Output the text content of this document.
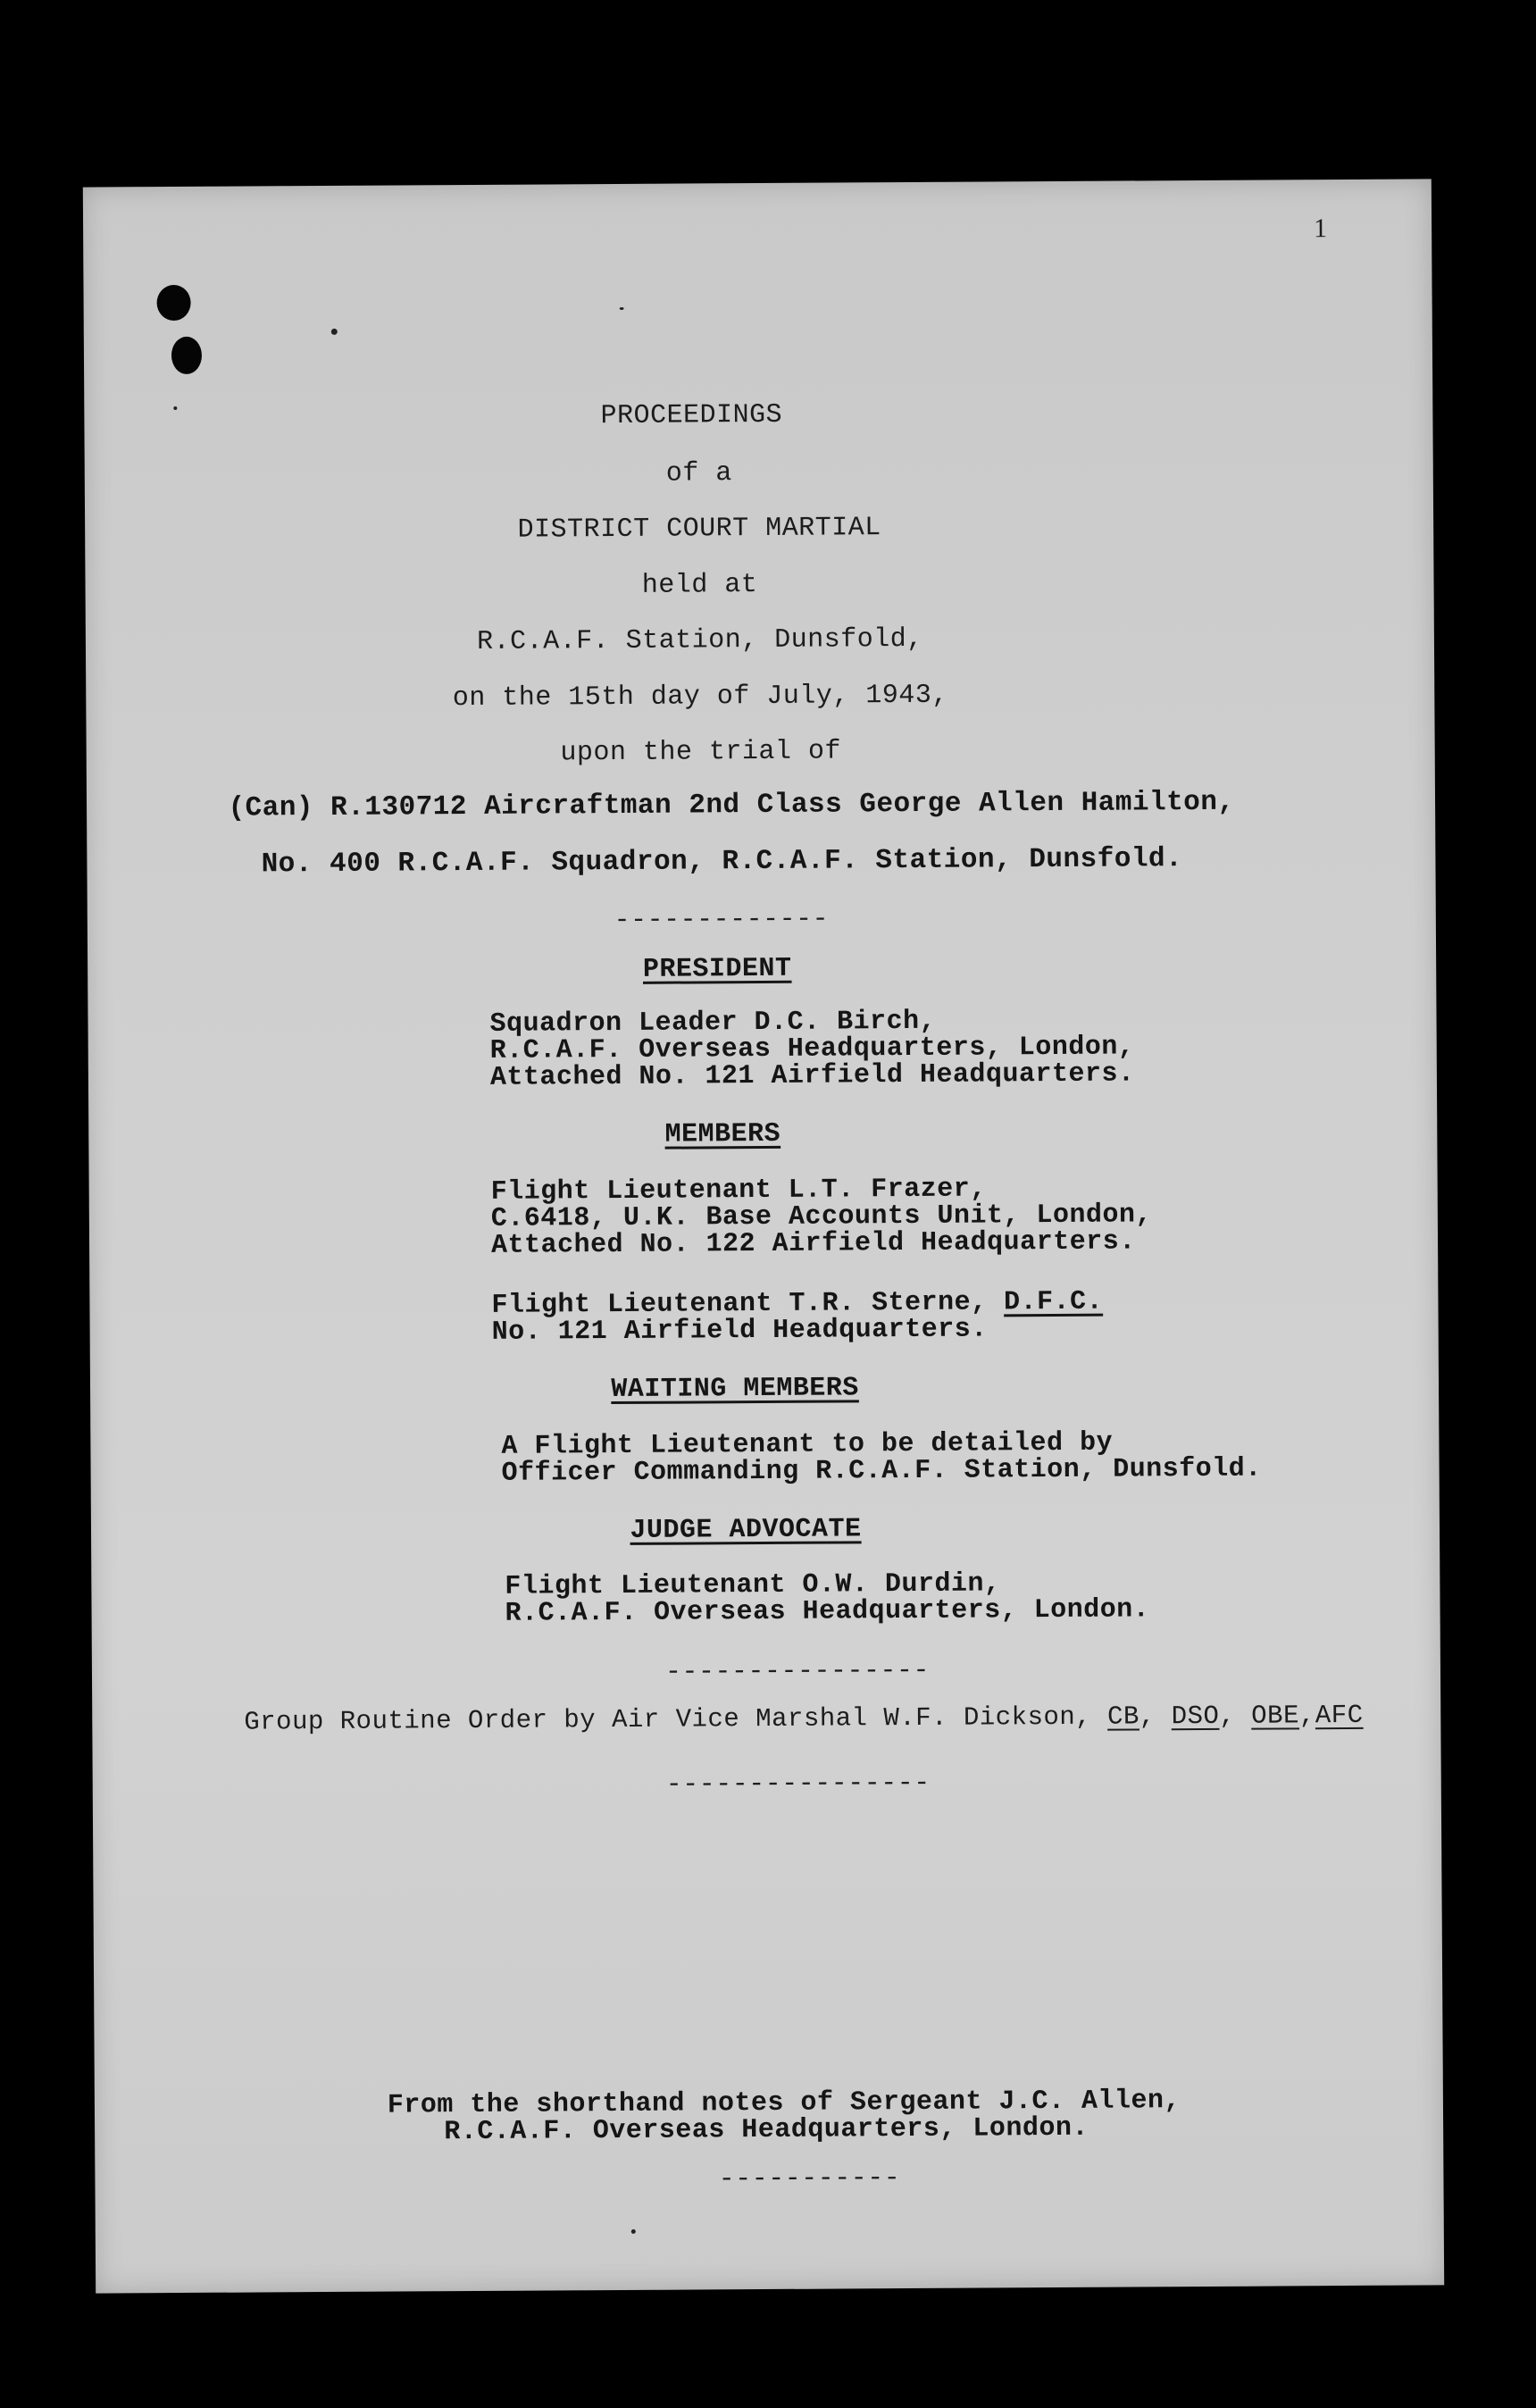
1
PROCEEDINGS
of a
DISTRICT COURT MARTIAL
held at
R.C.A.F. Station, Dunsfold,
on the 15th day of July, 1943,
upon the trial of
(Can) R.130712 Aircraftman 2nd Class George Allen Hamilton,
No. 400 R.C.A.F. Squadron, R.C.A.F. Station, Dunsfold.
-------------
PRESIDENT
Squadron Leader D.C. Birch,
R.C.A.F. Overseas Headquarters, London,
Attached No. 121 Airfield Headquarters.
MEMBERS
Flight Lieutenant L.T. Frazer,
C.6418, U.K. Base Accounts Unit, London,
Attached No. 122 Airfield Headquarters.
Flight Lieutenant T.R. Sterne, D.F.C.
No. 121 Airfield Headquarters.
WAITING MEMBERS
A Flight Lieutenant to be detailed by
Officer Commanding R.C.A.F. Station, Dunsfold.
JUDGE ADVOCATE
Flight Lieutenant O.W. Durdin,
R.C.A.F. Overseas Headquarters, London.
----------------
Group Routine Order by Air Vice Marshal W.F. Dickson, CB, DSO, OBE,AFC
----------------
From the shorthand notes of Sergeant J.C. Allen,
R.C.A.F. Overseas Headquarters, London.
-----------
